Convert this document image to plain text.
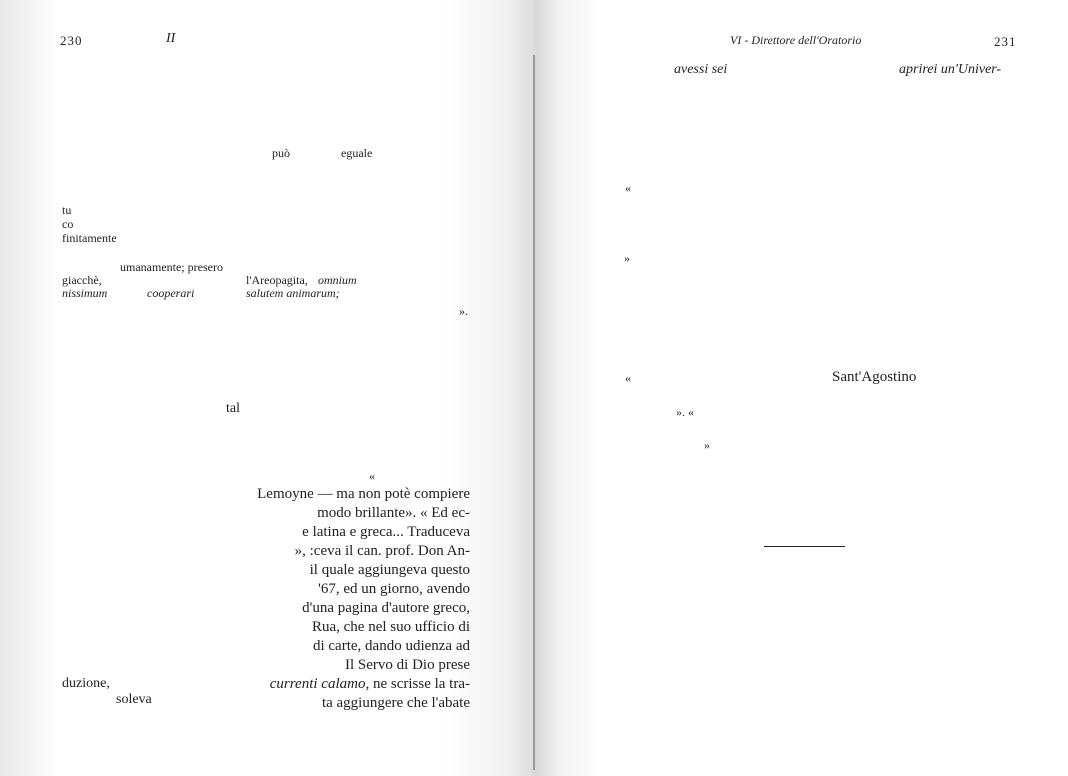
230	II
può	eguale
tu
co
finitamente
umanamente; presero
giacchè,	l'Areopagita, omnium
nissimum	cooperari	salutem animarum;
».
tal
«
Lemoyne — ma non potè compiere
modo brillante». « Ed ec-
e latina e greca... Traduceva
», :ceva il can. prof. Don An-
il quale aggiungeva questo
'67, ed un giorno, avendo
d'una pagina d'autore greco,
Rua, che nel suo ufficio di
di carte, dando udienza ad
Il Servo di Dio prese
currenti calamo, ne scrisse la tra-
ta aggiungere che l'abate
duzione,
soleva
VI - Direttore dell'Oratorio	231
avessi sei	aprirei un'Univer-
«
»
«	Sant'Agostino
». «
»
